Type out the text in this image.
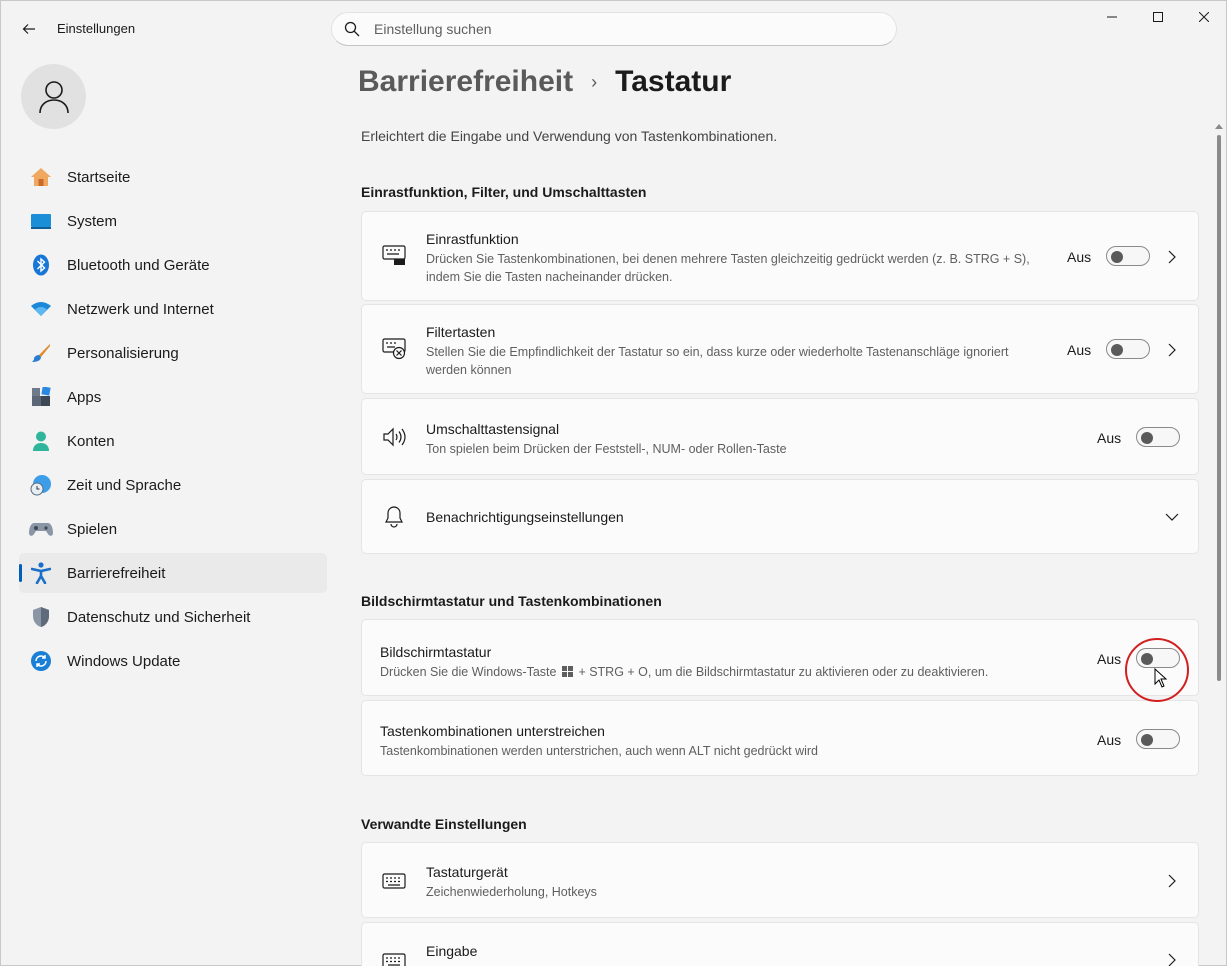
Einstellungen
Einstellung suchen
Startseite
System
Bluetooth und Geräte
Netzwerk und Internet
Personalisierung
Apps
Konten
Zeit und Sprache
Spielen
Barrierefreiheit
Datenschutz und Sicherheit
Windows Update
Barrierefreiheit › Tastatur
Erleichtert die Eingabe und Verwendung von Tastenkombinationen.
Einrastfunktion, Filter, und Umschalttasten
Einrastfunktion
Drücken Sie Tastenkombinationen, bei denen mehrere Tasten gleichzeitig gedrückt werden (z. B. STRG + S), indem Sie die Tasten nacheinander drücken.
Aus
Filtertasten
Stellen Sie die Empfindlichkeit der Tastatur so ein, dass kurze oder wiederholte Tastenanschläge ignoriert werden können
Aus
Umschalttastensignal
Ton spielen beim Drücken der Feststell-, NUM- oder Rollen-Taste
Aus
Benachrichtigungseinstellungen
Bildschirmtastatur und Tastenkombinationen
Bildschirmtastatur
Drücken Sie die Windows-Taste + STRG + O, um die Bildschirmtastatur zu aktivieren oder zu deaktivieren.
Aus
Tastenkombinationen unterstreichen
Tastenkombinationen werden unterstrichen, auch wenn ALT nicht gedrückt wird
Aus
Verwandte Einstellungen
Tastaturgerät
Zeichenwiederholung, Hotkeys
Eingabe
